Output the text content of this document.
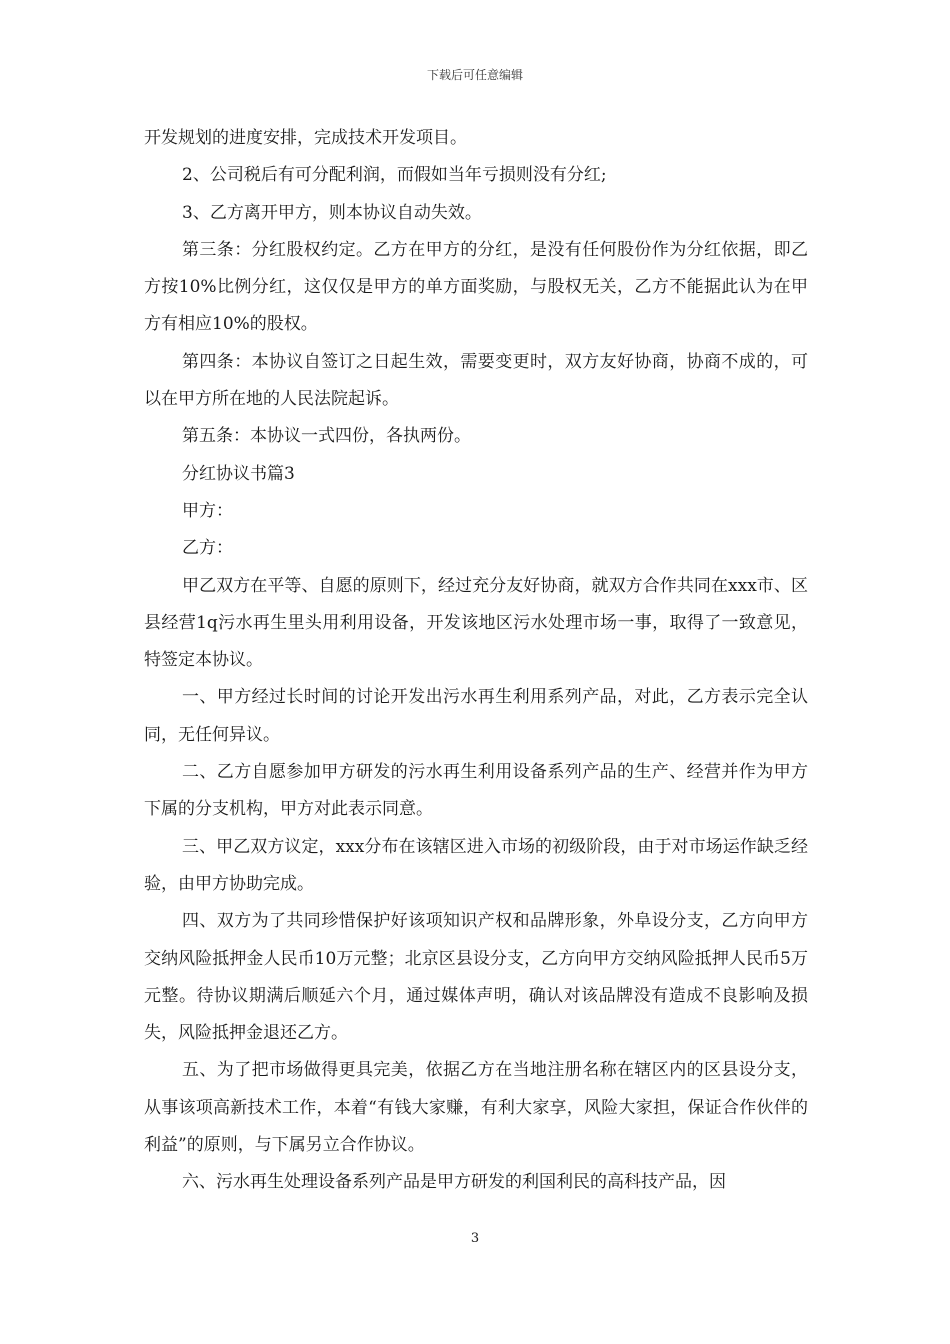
下载后可任意编辑

开发规划的进度安排，完成技术开发项目。

2、公司税后有可分配利润，而假如当年亏损则没有分红;

3、乙方离开甲方，则本协议自动失效。

第三条：分红股权约定。乙方在甲方的分红，是没有任何股份作为分红依据，即乙方按10%比例分红，这仅仅是甲方的单方面奖励，与股权无关，乙方不能据此认为在甲方有相应10%的股权。

第四条：本协议自签订之日起生效，需要变更时，双方友好协商，协商不成的，可以在甲方所在地的人民法院起诉。

第五条：本协议一式四份，各执两份。

分红协议书篇3

甲方：

乙方：

甲乙双方在平等、自愿的原则下，经过充分友好协商，就双方合作共同在xxx市、区县经营1q污水再生里头用利用设备，开发该地区污水处理市场一事，取得了一致意见，特签定本协议。

一、甲方经过长时间的讨论开发出污水再生利用系列产品，对此，乙方表示完全认同，无任何异议。

二、乙方自愿参加甲方研发的污水再生利用设备系列产品的生产、经营并作为甲方下属的分支机构，甲方对此表示同意。

三、甲乙双方议定，xxx分布在该辖区进入市场的初级阶段，由于对市场运作缺乏经验，由甲方协助完成。

四、双方为了共同珍惜保护好该项知识产权和品牌形象，外阜设分支，乙方向甲方交纳风险抵押金人民币10万元整；北京区县设分支，乙方向甲方交纳风险抵押人民币5万元整。待协议期满后顺延六个月，通过媒体声明，确认对该品牌没有造成不良影响及损失，风险抵押金退还乙方。

五、为了把市场做得更具完美，依据乙方在当地注册名称在辖区内的区县设分支，从事该项高新技术工作，本着“有钱大家赚，有利大家享，风险大家担，保证合作伙伴的利益”的原则，与下属另立合作协议。

六、污水再生处理设备系列产品是甲方研发的利国利民的高科技产品，因

3
